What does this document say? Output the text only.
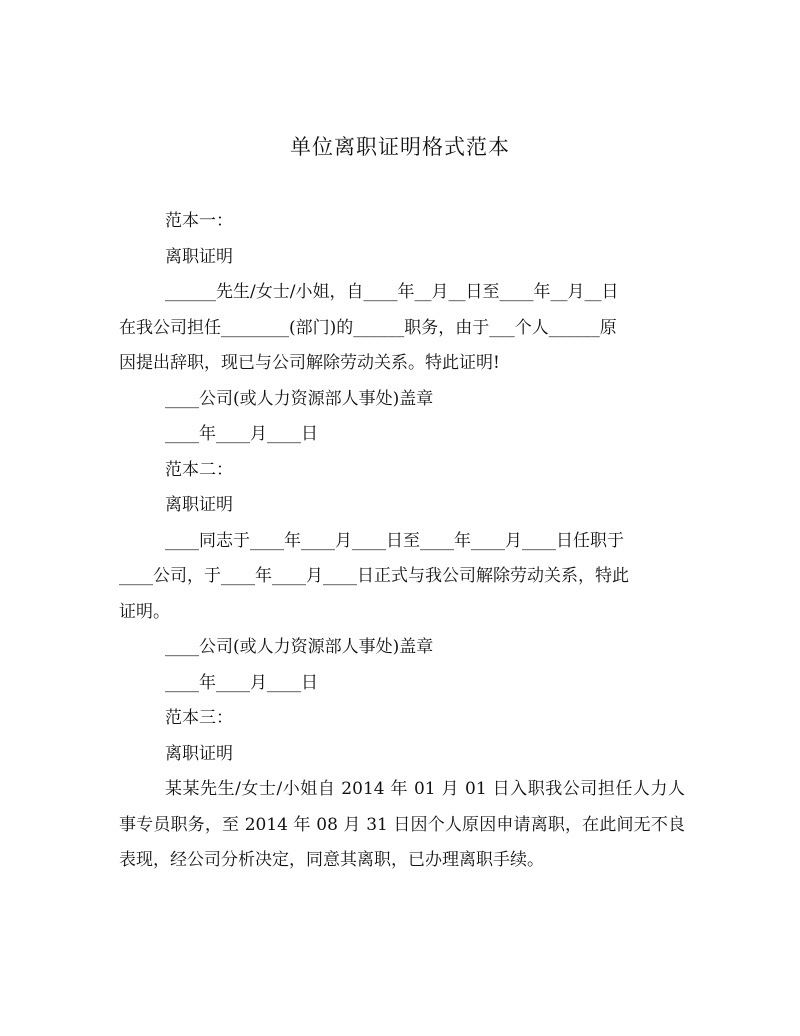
单位离职证明格式范本

范本一：

离职证明

______先生/女士/小姐，自____年__月__日至____年__月__日

在我公司担任________(部门)的______职务，由于___个人______原

因提出辞职，现已与公司解除劳动关系。特此证明!

____公司(或人力资源部人事处)盖章

____年____月____日

范本二：

离职证明

____同志于____年____月____日至____年____月____日任职于

____公司，于____年____月____日正式与我公司解除劳动关系，特此

证明。

____公司(或人力资源部人事处)盖章

____年____月____日

范本三：

离职证明

某某先生/女士/小姐自 2014 年 01 月 01 日入职我公司担任人力人事专员职务，至 2014 年 08 月 31 日因个人原因申请离职，在此间无不良表现，经公司分析决定，同意其离职，已办理离职手续。
